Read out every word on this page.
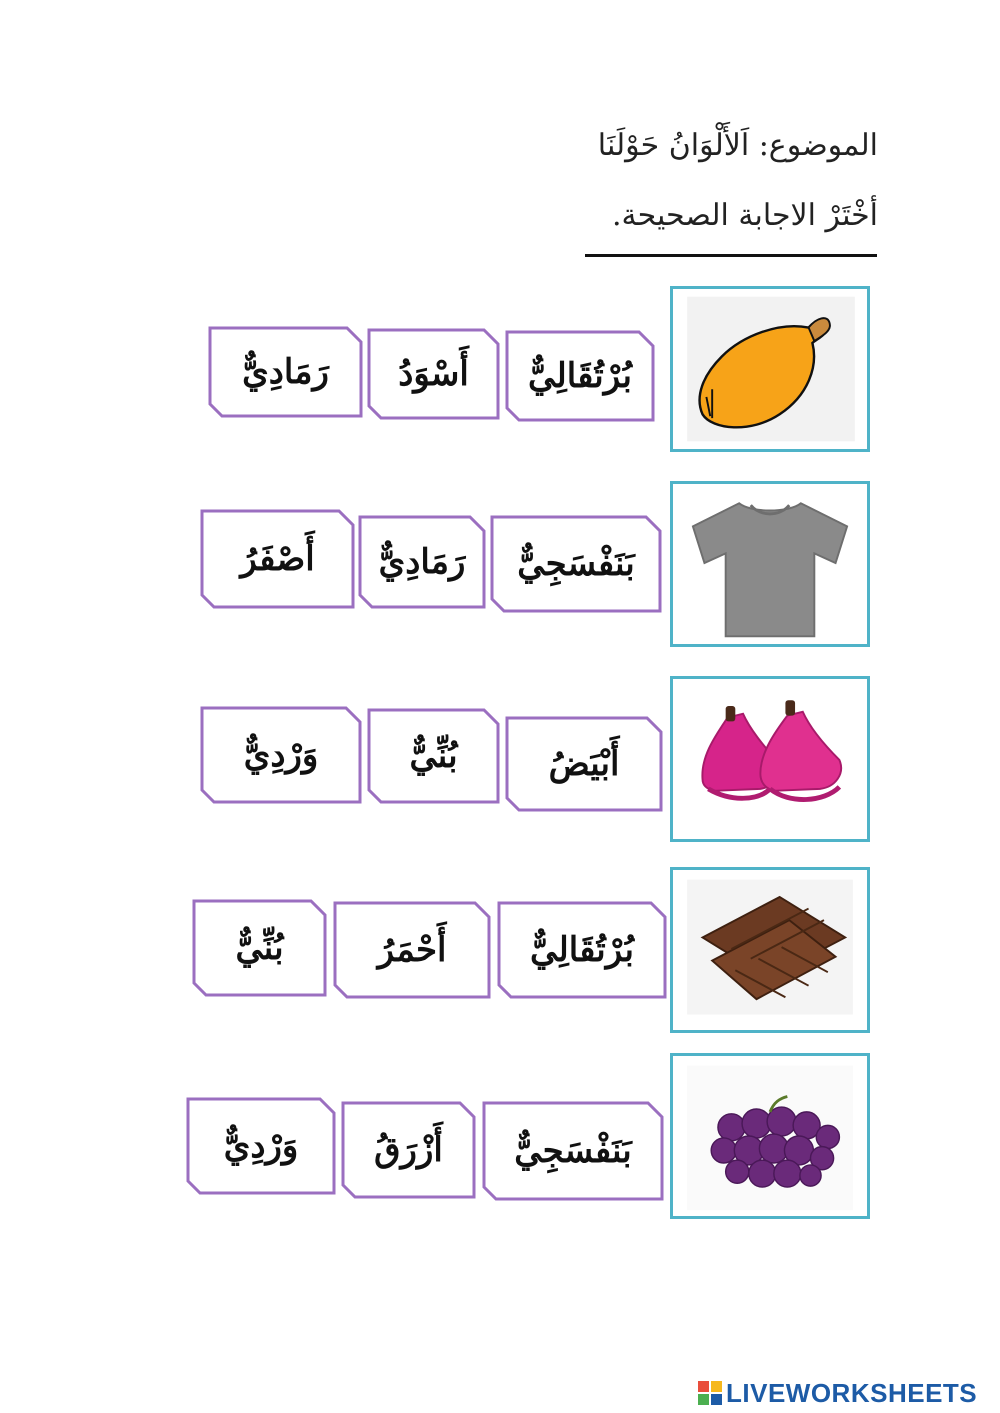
الموضوع: اَلأَلْوَانُ حَوْلَنَا
أخْتَرْ الاجابة الصحيحة.
بُرْتُقَالِيٌّ
أَسْوَدُ
رَمَادِيٌّ
بَنَفْسَجِيٌّ
رَمَادِيٌّ
أَصْفَرُ
أَبْيَضُ
بُنِّيٌّ
وَرْدِيٌّ
بُرْتُقَالِيٌّ
أَحْمَرُ
بُنِّيٌّ
بَنَفْسَجِيٌّ
أَزْرَقُ
وَرْدِيٌّ
LIVEWORKSHEETS
